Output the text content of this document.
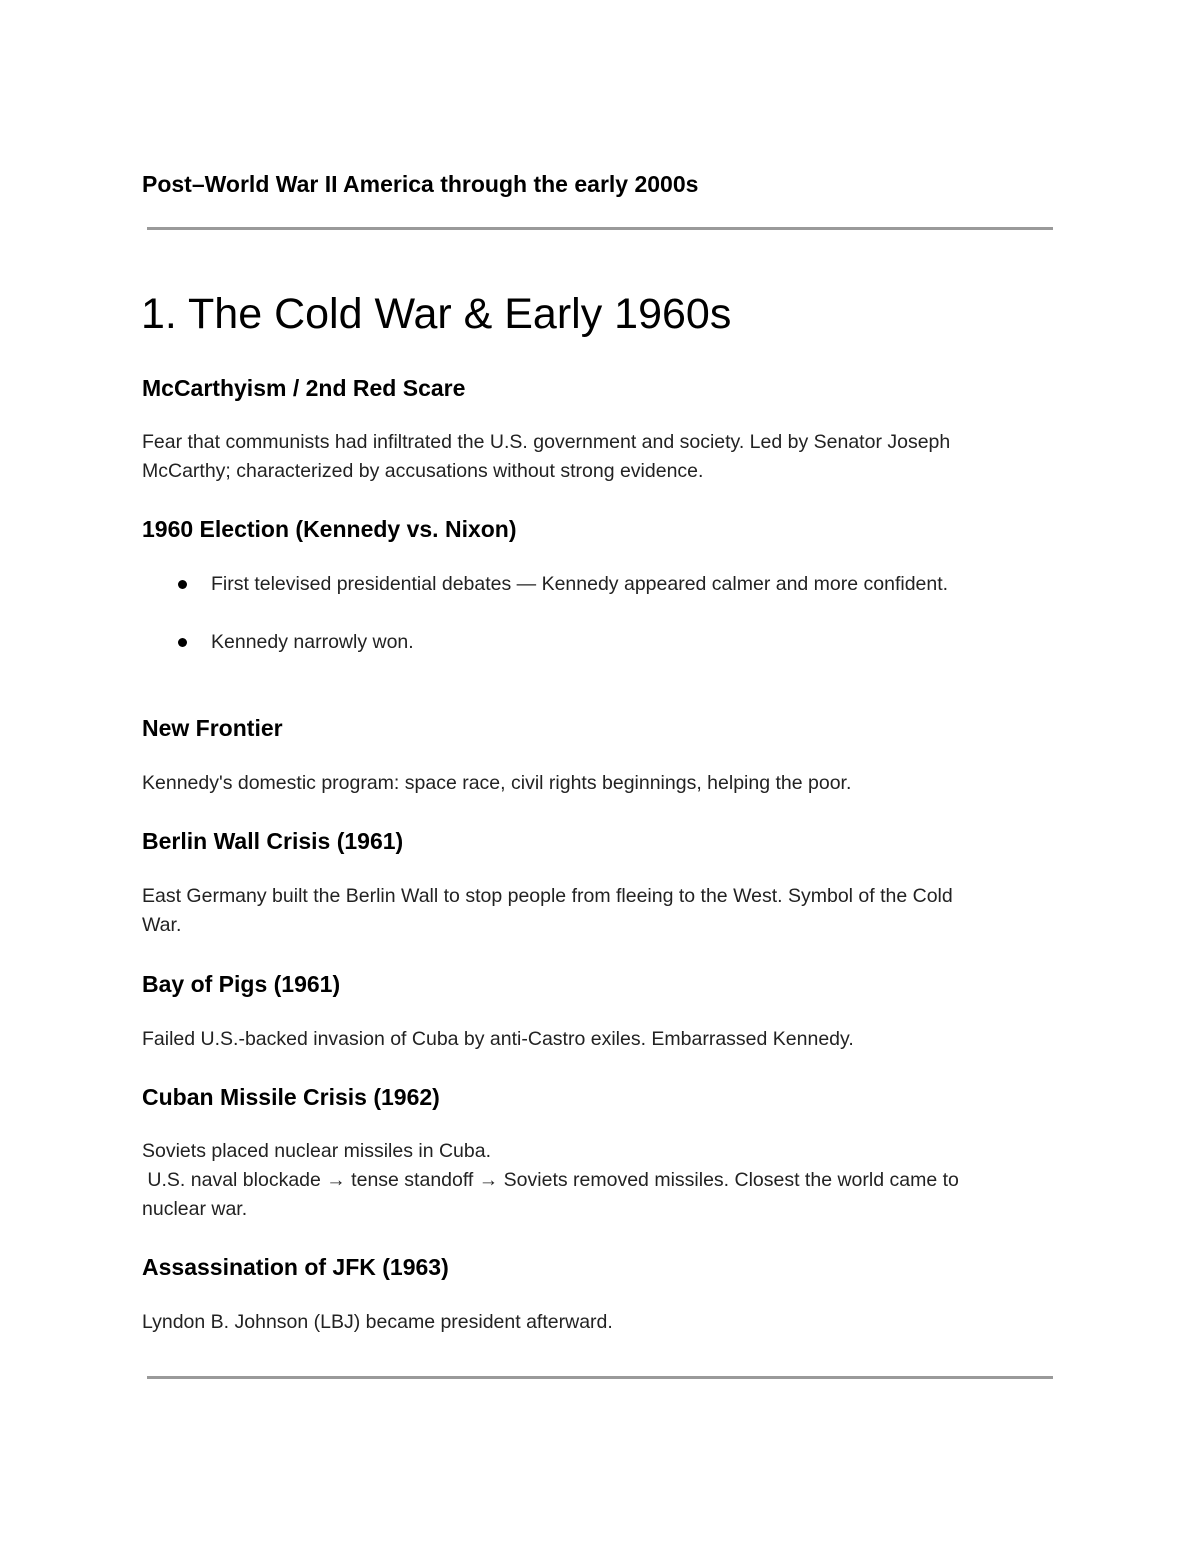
Post–World War II America through the early 2000s
1. The Cold War & Early 1960s
McCarthyism / 2nd Red Scare
Fear that communists had infiltrated the U.S. government and society. Led by Senator Joseph
McCarthy; characterized by accusations without strong evidence.
1960 Election (Kennedy vs. Nixon)
First televised presidential debates — Kennedy appeared calmer and more confident.
Kennedy narrowly won.
New Frontier
Kennedy's domestic program: space race, civil rights beginnings, helping the poor.
Berlin Wall Crisis (1961)
East Germany built the Berlin Wall to stop people from fleeing to the West. Symbol of the Cold
War.
Bay of Pigs (1961)
Failed U.S.-backed invasion of Cuba by anti-Castro exiles. Embarrassed Kennedy.
Cuban Missile Crisis (1962)
Soviets placed nuclear missiles in Cuba.
U.S. naval blockade → tense standoff → Soviets removed missiles. Closest the world came to
nuclear war.
Assassination of JFK (1963)
Lyndon B. Johnson (LBJ) became president afterward.
